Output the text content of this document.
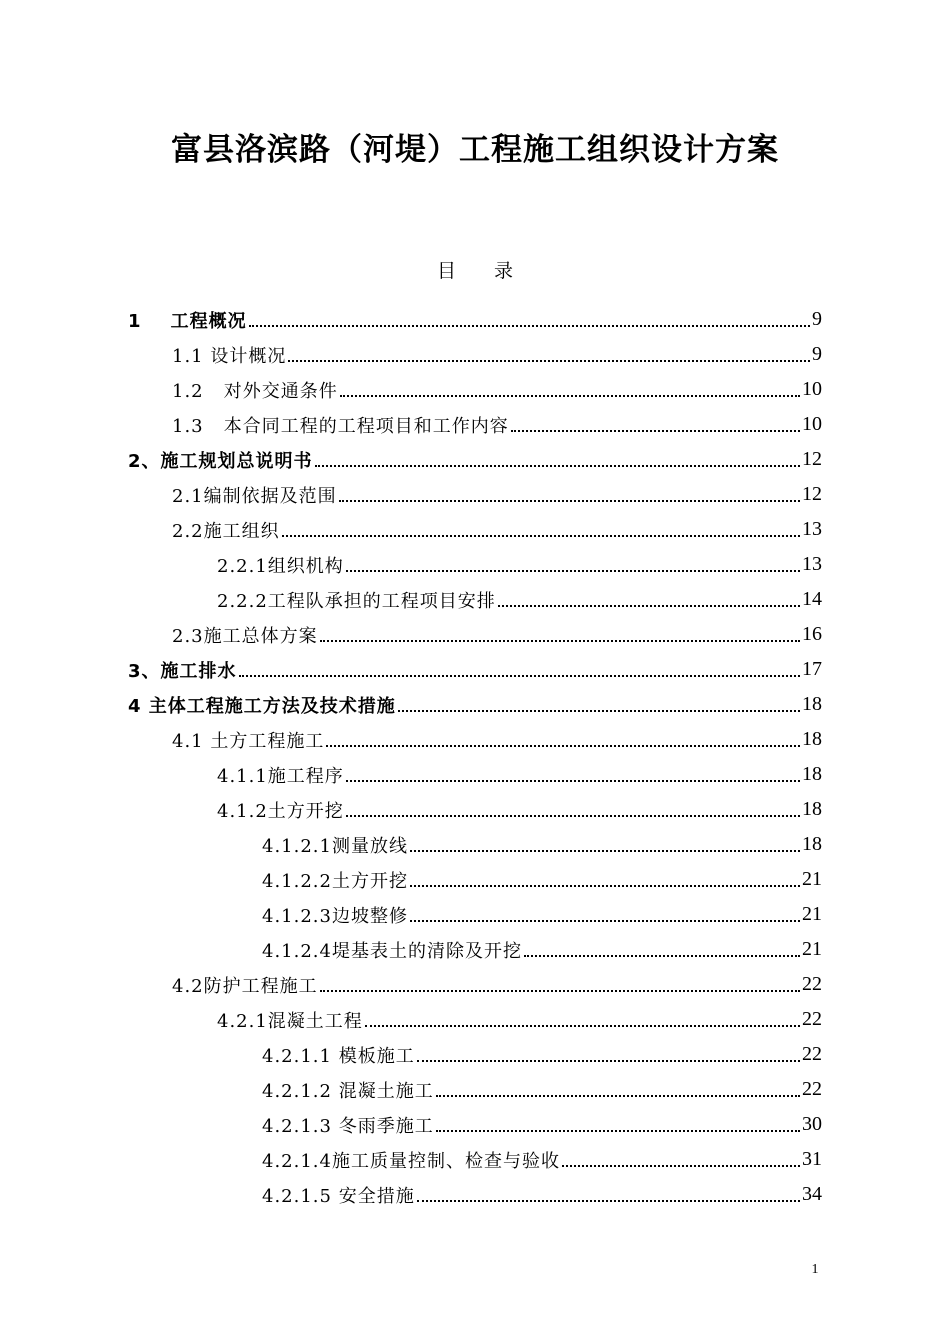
富县洛滨路（河堤）工程施工组织设计方案
目 录
1    工程概况	9
1.1 设计概况	9
1.2   对外交通条件	10
1.3   本合同工程的工程项目和工作内容	10
2、施工规划总说明书	12
2.1编制依据及范围	12
2.2施工组织	13
2.2.1组织机构	13
2.2.2工程队承担的工程项目安排	14
2.3施工总体方案	16
3、施工排水	17
4 主体工程施工方法及技术措施	18
4.1 土方工程施工	18
4.1.1施工程序	18
4.1.2土方开挖	18
4.1.2.1测量放线	18
4.1.2.2土方开挖	21
4.1.2.3边坡整修	21
4.1.2.4堤基表土的清除及开挖	21
4.2防护工程施工	22
4.2.1混凝土工程	22
4.2.1.1 模板施工	22
4.2.1.2 混凝土施工	22
4.2.1.3 冬雨季施工	30
4.2.1.4施工质量控制、检查与验收	31
4.2.1.5 安全措施	34
1
